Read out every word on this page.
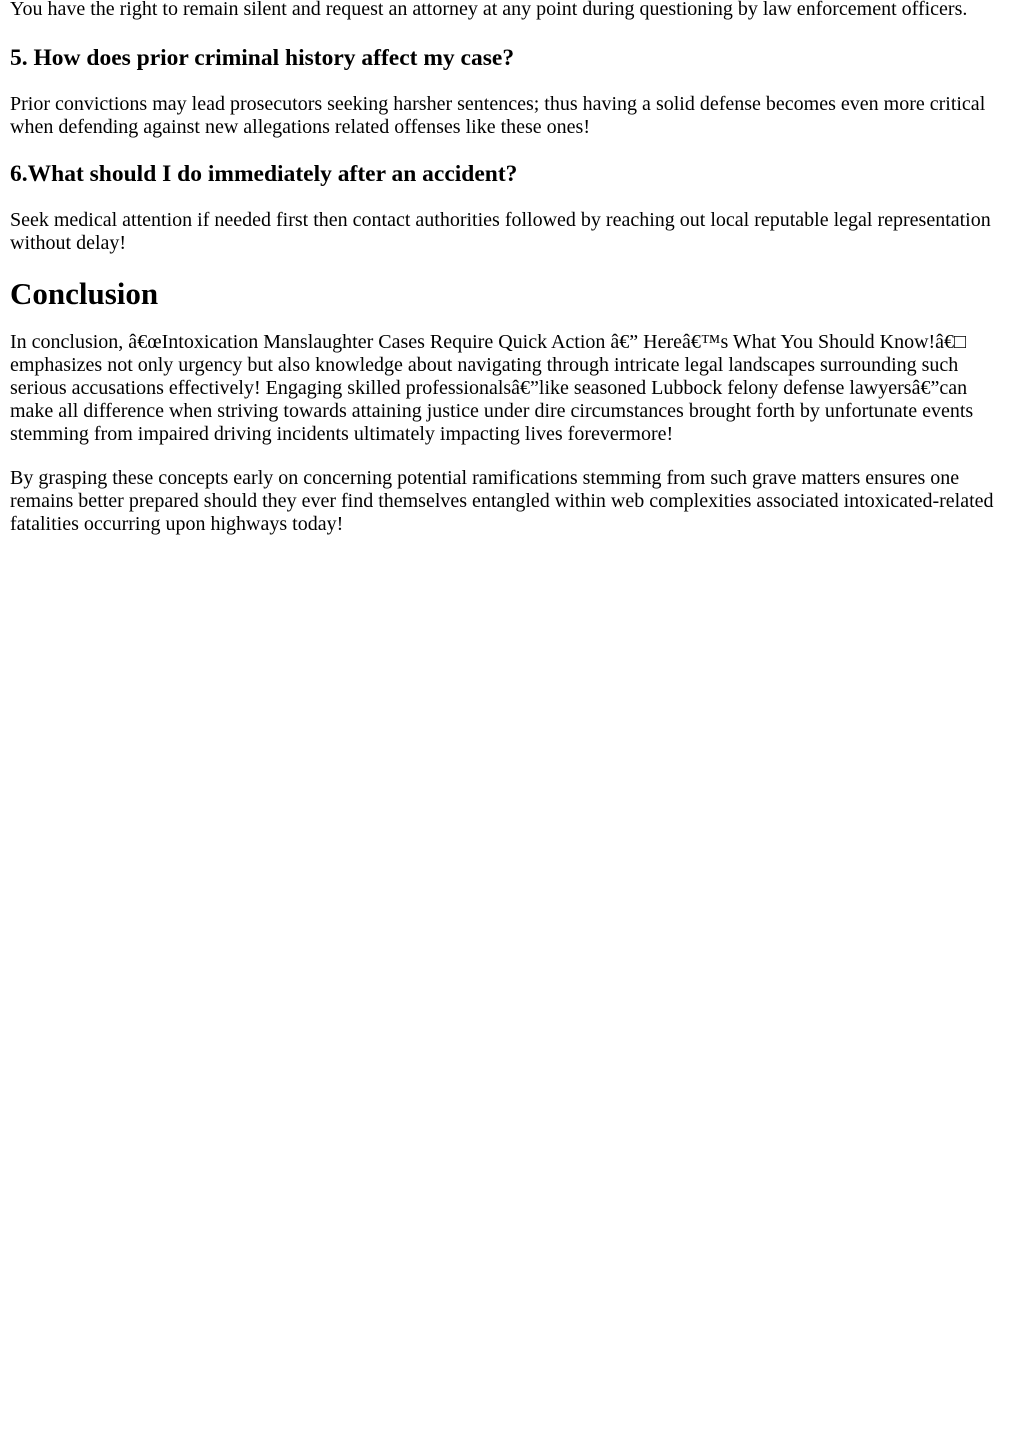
You have the right to remain silent and request an attorney at any point during questioning by law enforcement officers.

5. How does prior criminal history affect my case?

Prior convictions may lead prosecutors seeking harsher sentences; thus having a solid defense becomes even more critical when defending against new allegations related offenses like these ones!

6.What should I do immediately after an accident?

Seek medical attention if needed first then contact authorities followed by reaching out local reputable legal representation without delay!

Conclusion

In conclusion, â€œIntoxication Manslaughter Cases Require Quick Action â€” Hereâ€™s What You Should Know!â€□ emphasizes not only urgency but also knowledge about navigating through intricate legal landscapes surrounding such serious accusations effectively! Engaging skilled professionalsâ€”like seasoned Lubbock felony defense lawyersâ€”can make all difference when striving towards attaining justice under dire circumstances brought forth by unfortunate events stemming from impaired driving incidents ultimately impacting lives forevermore!

By grasping these concepts early on concerning potential ramifications stemming from such grave matters ensures one remains better prepared should they ever find themselves entangled within web complexities associated intoxicated-related fatalities occurring upon highways today!
